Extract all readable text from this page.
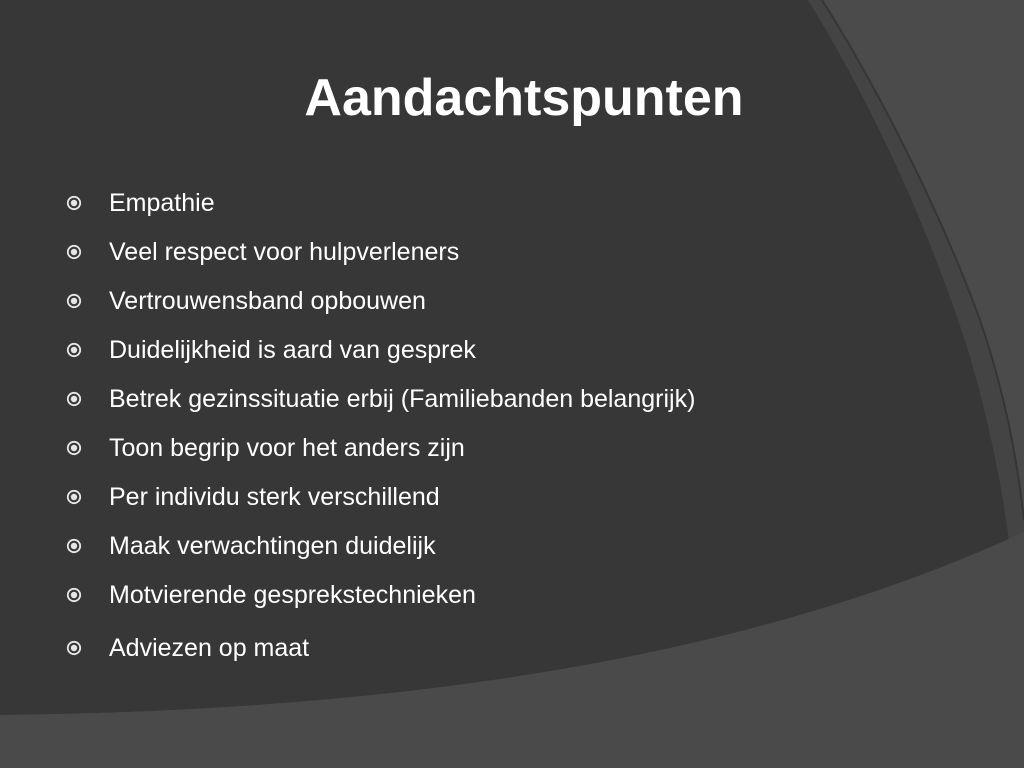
Aandachtspunten
Empathie
Veel respect voor hulpverleners
Vertrouwensband opbouwen
Duidelijkheid is aard van gesprek
Betrek gezinssituatie erbij (Familiebanden belangrijk)
Toon begrip voor het anders zijn
Per individu sterk verschillend
Maak verwachtingen duidelijk
Motvierende gesprekstechnieken
Adviezen op maat
